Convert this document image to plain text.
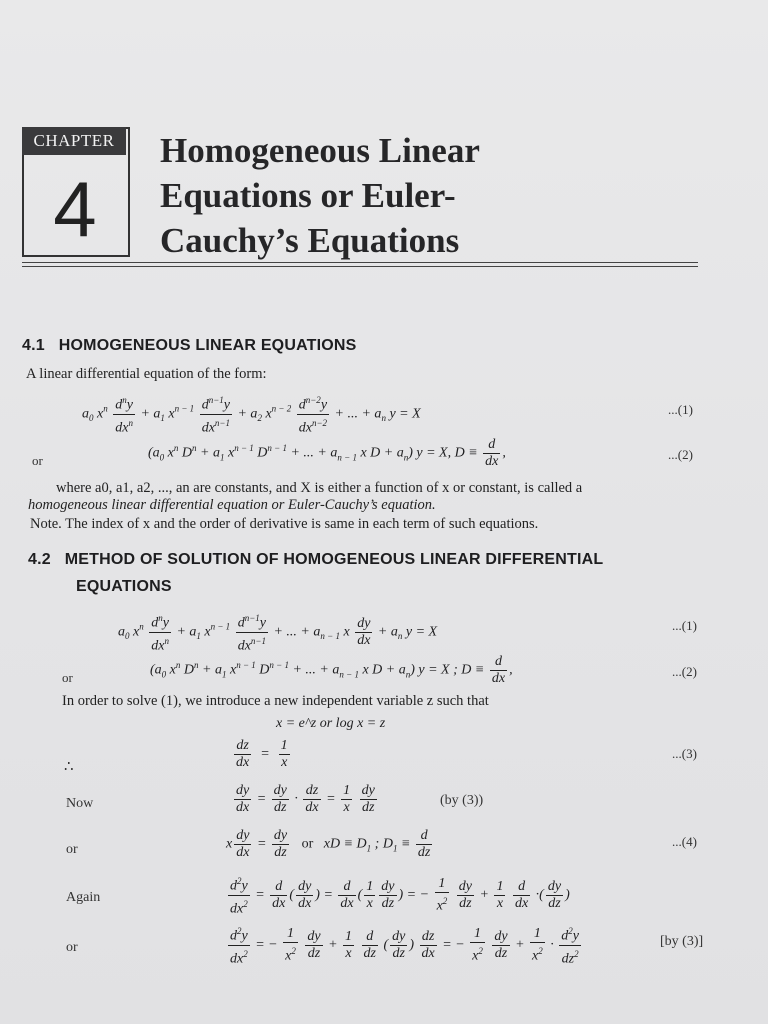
CHAPTER
4
Homogeneous Linear
Equations or Euler-
Cauchy’s Equations
4.1 HOMOGENEOUS LINEAR EQUATIONS
A linear differential equation of the form:
$a_0$ $x^n \frac{d^ny}{dx^n} + a_1$ $x^{n - 1} \frac{d^{n-1}y}{dx^{n-1}} + a_2$ $x^{n - 2} \frac{d^{n-2}y}{dx^{n-2}}$ + ... + $a_n$ y = X	...(1)
or	($a_0$ $x^n$ $D^n + a_1$ $x^{n - 1}$ $D^{n - 1}$ + ... + $a_{n - 1}$ x $D + a_n$) y = X, $D \equiv \frac{d}{dx}$ ,	...(2)
where a0, a1, a2, ..., an are constants, and X is either a function of x or constant, is called a
homogeneous linear differential equation or Euler-Cauchy’s equation.
Note. The index of x and the order of derivative is same in each term of such equations.
4.2 METHOD OF SOLUTION OF HOMOGENEOUS LINEAR DIFFERENTIAL
EQUATIONS
$a_0$ $x^n \frac{d^ny}{dx^n} + a_1$ $x^{n - 1} \frac{d^{n-1}y}{dx^{n-1}}$ + ... + $a_{n - 1}$ x $\frac{dy}{dx} + a_n$ y = X	...(1)
or	($a_0$ $x^n$ $D^n + a_1$ $x^{n - 1}$ $D^{n - 1}$ + ... + $a_{n - 1}$ x $D + a_n$) y = X ; $D \equiv \frac{d}{dx}$ ,	...(2)
In order to solve (1), we introduce a new independent variable z such that
x = e^z or log x = z
∴	$\frac{dz}{dx} = \frac{1}{x}$	...(3)
Now	$\frac{dy}{dx} = \frac{dy}{dz} \cdot \frac{dz}{dx} = \frac{1}{x}$
$\frac{dy}{dz}$	(by (3))
or	x $\frac{dy}{dx} = \frac{dy}{dz}$ or   xD ≡ $D_1$ ; $D_1 \equiv \frac{d}{dz}$	...(4)
Again	$\frac{d^2y}{dx^2} = \frac{d}{dx}$ ( $\frac{dy}{dx}$ ) = $\frac{d}{dx}$ ( $\frac{1}{x} \frac{dy}{dz}$ ) = − $\frac{1}{x^2}$
$\frac{dy}{dz} + \frac{1}{x}$
$\frac{d}{dx}$ ·( $\frac{dy}{dz}$ )
or	$\frac{d^2y}{dx^2}$ = − $\frac{1}{x^2}$
$\frac{dy}{dz} + \frac{1}{x}$
$\frac{d}{dz}$ ( $\frac{dy}{dz}$ ) $\frac{dz}{dx}$ = − $\frac{1}{x^2}$
$\frac{dy}{dz} + \frac{1}{x^2} \cdot \frac{d^2y}{dz^2}$	[by (3)]
